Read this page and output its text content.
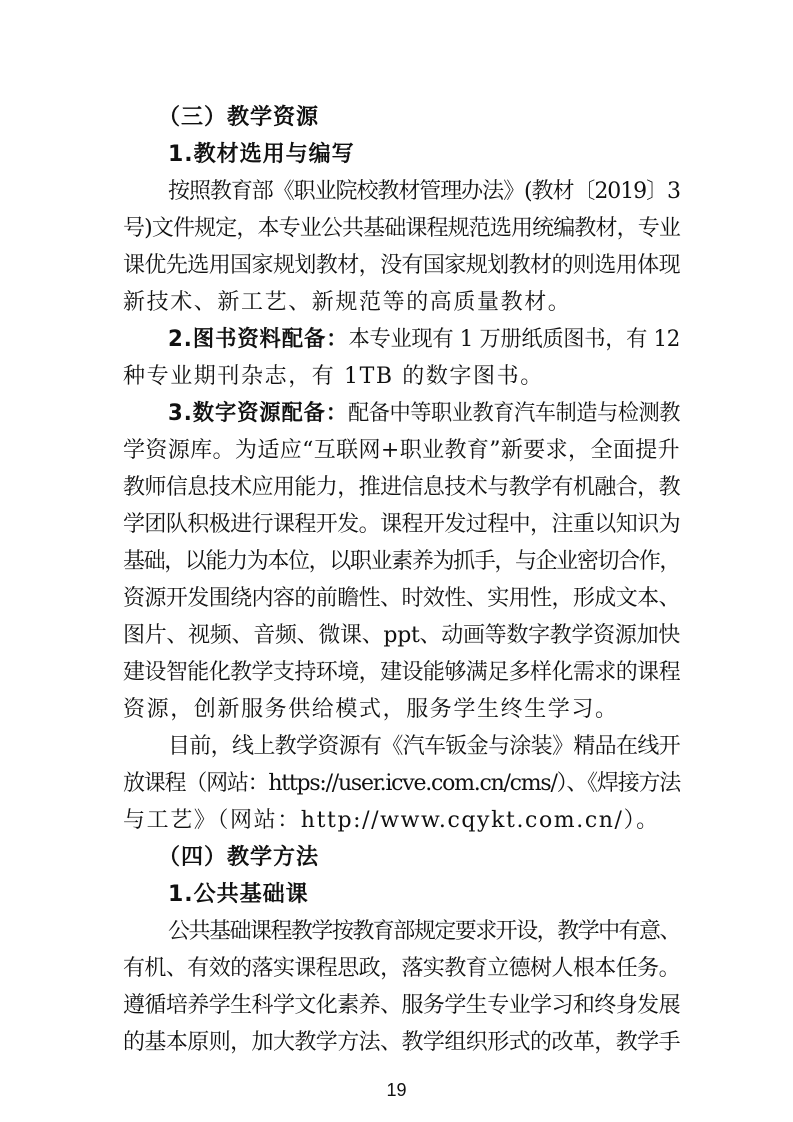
（三）教学资源
1.教材选用与编写
按照教育部《职业院校教材管理办法》(教材〔2019〕3
号)文件规定，本专业公共基础课程规范选用统编教材，专业
课优先选用国家规划教材，没有国家规划教材的则选用体现
新技术、新工艺、新规范等的高质量教材。
2.图书资料配备：本专业现有 1 万册纸质图书，有 12
种专业期刊杂志，有 1TB 的数字图书。
3.数字资源配备：配备中等职业教育汽车制造与检测教
学资源库。为适应“互联网+职业教育”新要求，全面提升
教师信息技术应用能力，推进信息技术与教学有机融合，教
学团队积极进行课程开发。课程开发过程中，注重以知识为
基础，以能力为本位，以职业素养为抓手，与企业密切合作，
资源开发围绕内容的前瞻性、时效性、实用性，形成文本、
图片、视频、音频、微课、ppt、动画等数字教学资源加快
建设智能化教学支持环境，建设能够满足多样化需求的课程
资源，创新服务供给模式，服务学生终生学习。
目前，线上教学资源有《汽车钣金与涂装》精品在线开
放课程（网站：https://user.icve.com.cn/cms/）、《焊接方法
与工艺》（网站：http://www.cqykt.com.cn/）。
（四）教学方法
1.公共基础课
公共基础课程教学按教育部规定要求开设，教学中有意、
有机、有效的落实课程思政，落实教育立德树人根本任务。
遵循培养学生科学文化素养、服务学生专业学习和终身发展
19
的基本原则，加大教学方法、教学组织形式的改革，教学手
